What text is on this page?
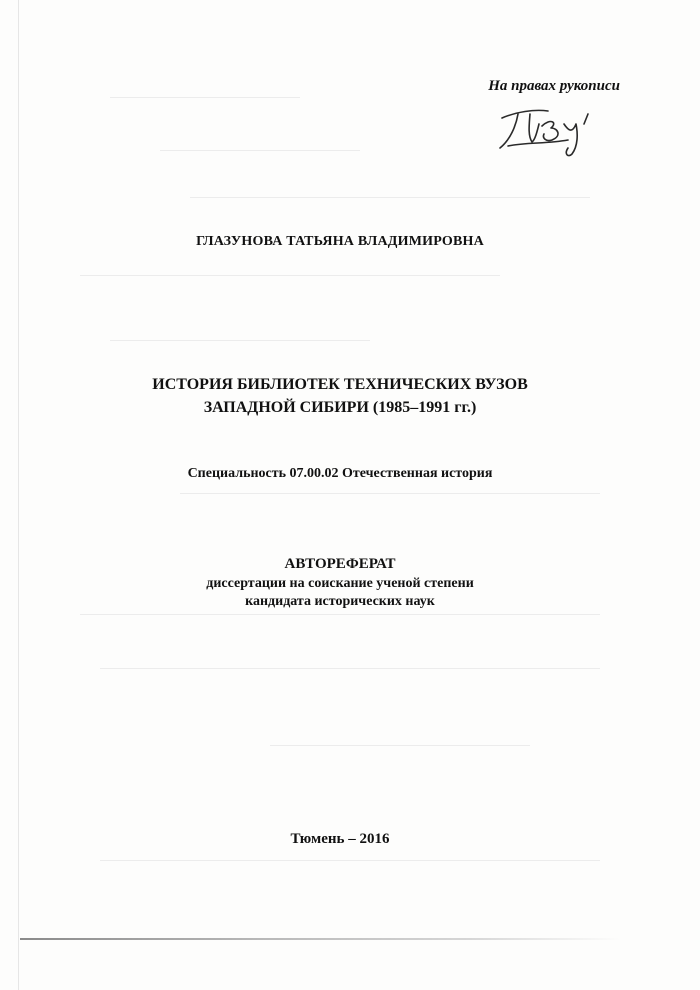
На правах рукописи
ГЛАЗУНОВА ТАТЬЯНА ВЛАДИМИРОВНА
ИСТОРИЯ БИБЛИОТЕК ТЕХНИЧЕСКИХ ВУЗОВ
ЗАПАДНОЙ СИБИРИ (1985–1991 гг.)
Специальность 07.00.02 Отечественная история
АВТОРЕФЕРАТ
диссертации на соискание ученой степени
кандидата исторических наук
Тюмень – 2016
